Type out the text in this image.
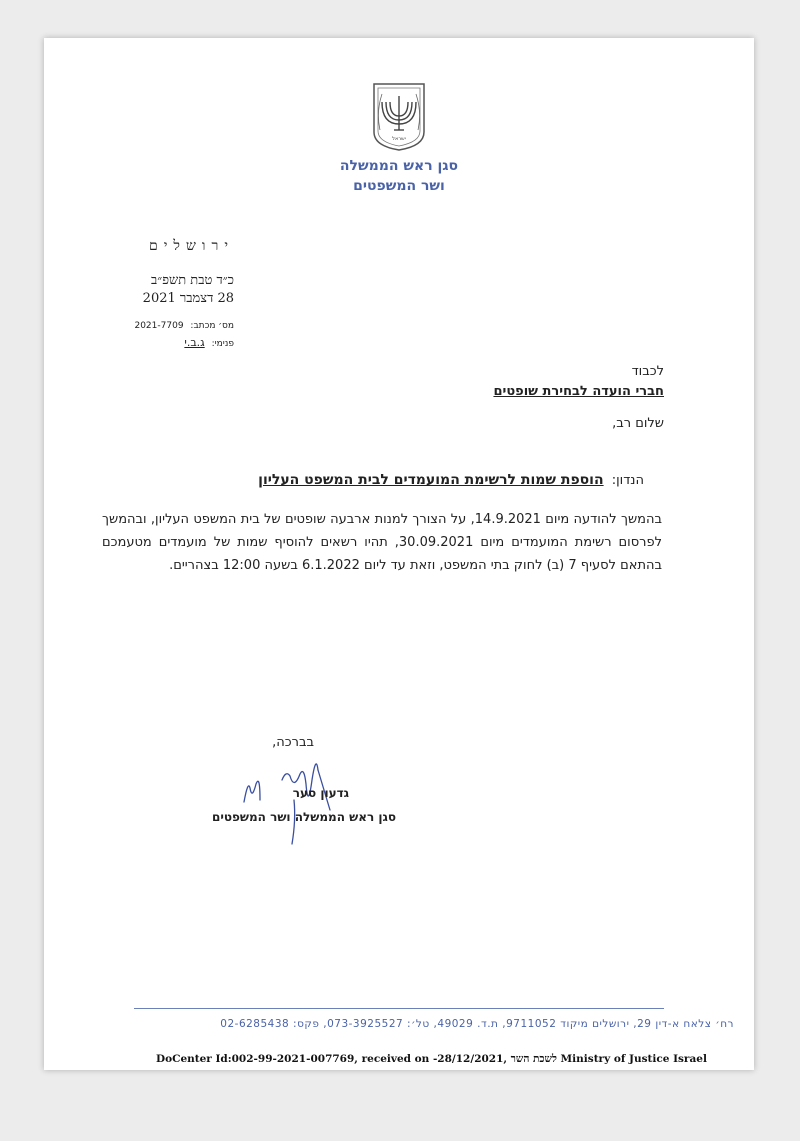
ישראל
סגן ראש הממשלה
ושר המשפטים
ירושלים
כ״ד טבת תשפ״ב
28 דצמבר 2021
מס׳ מכתב: 2021-7709
פנימי: ג.ב.י
לכבוד
חברי הועדה לבחירת שופטים
שלום רב,
הנדון: הוספת שמות לרשימת המועמדים לבית המשפט העליון
בהמשך להודעה מיום 14.9.2021, על הצורך למנות ארבעה שופטים של בית המשפט העליון, ובהמשך לפרסום רשימת המועמדים מיום 30.09.2021, תהיו רשאים להוסיף שמות של מועמדים מטעמכם בהתאם לסעיף 7 (ב) לחוק בתי המשפט, וזאת עד ליום 6.1.2022 בשעה 12:00 בצהריים.
בברכה,
גדעון סער
סגן ראש הממשלה ושר המשפטים
רח׳ צלאח א-דין 29, ירושלים מיקוד 9711052, ת.ד. 49029, טל׳: 073-3925527, פקס: 02-6285438
DoCenter Id:002-99-2021-007769, received on -28/12/2021, לשכת השר Ministry of Justice Israel
